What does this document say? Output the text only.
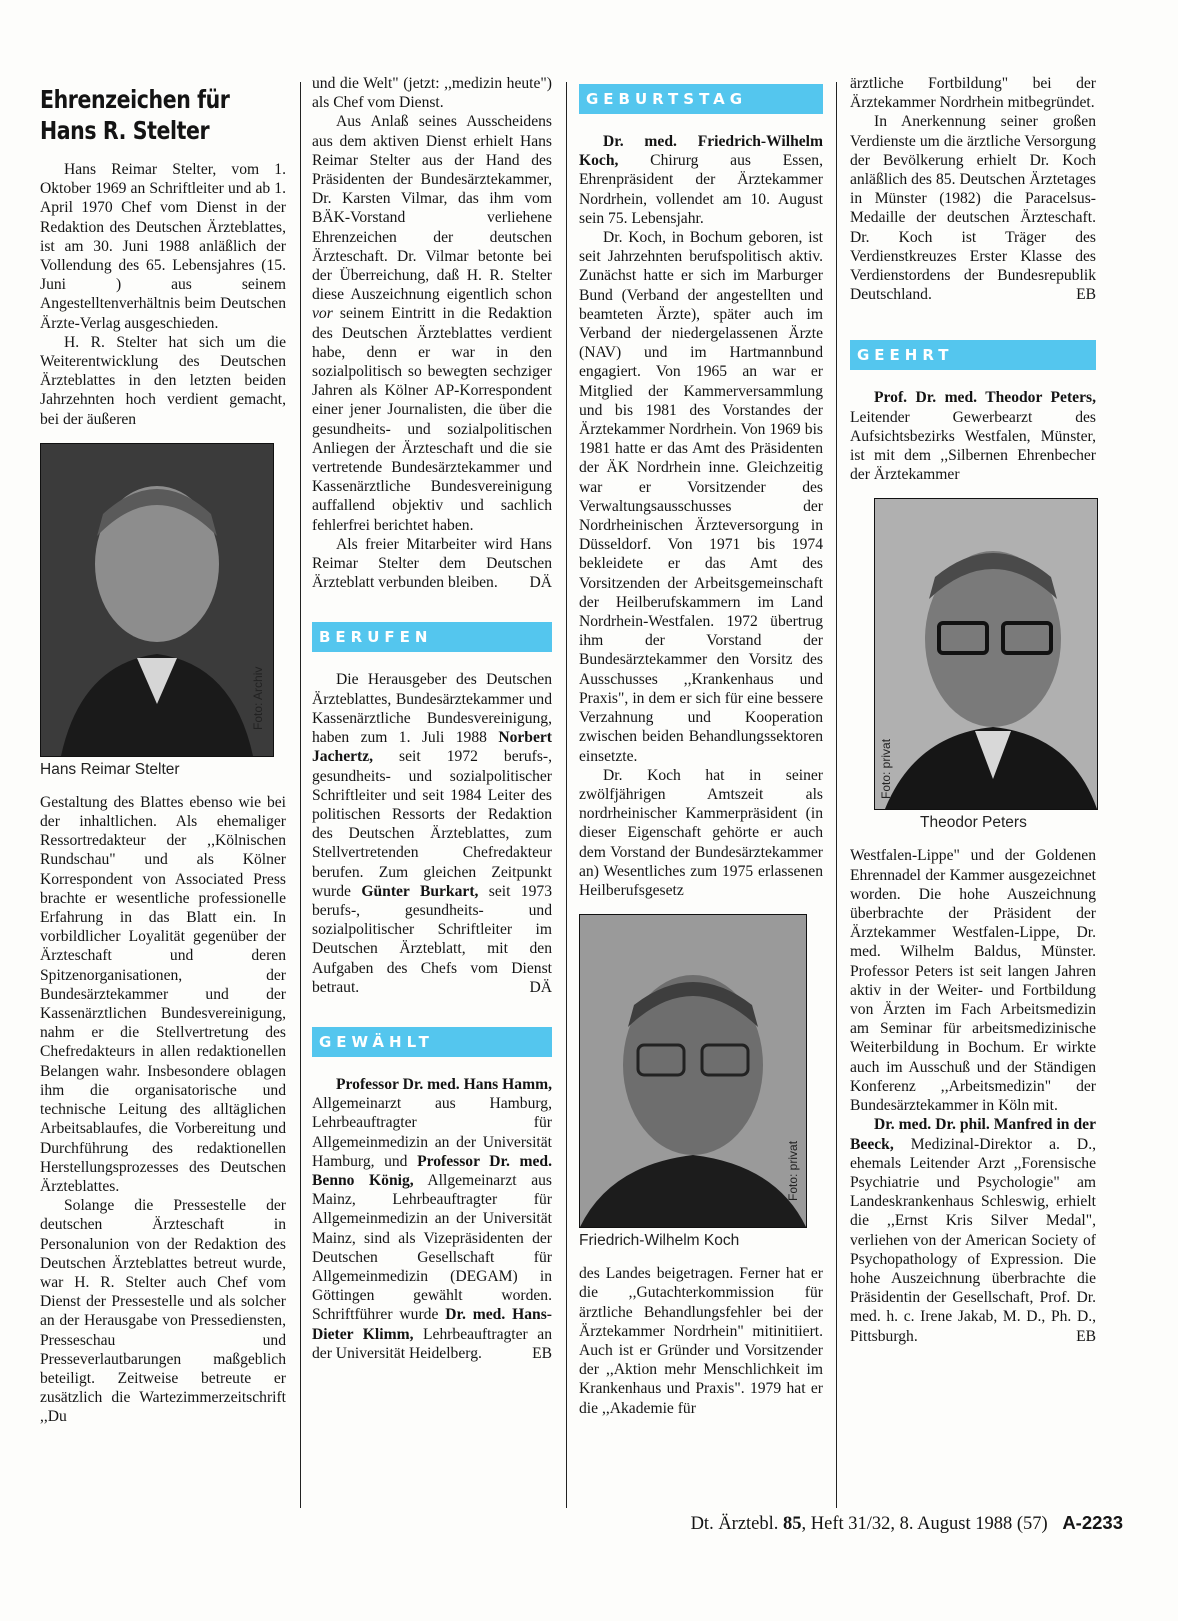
Ehrenzeichen für Hans R. Stelter

Hans Reimar Stelter, vom 1. Oktober 1969 an Schriftleiter und ab 1. April 1970 Chef vom Dienst in der Redaktion des Deutschen Ärzteblattes, ist am 30. Juni 1988 anläßlich der Vollendung des 65. Lebensjahres (15. Juni ) aus seinem Angestelltenverhältnis beim Deutschen Ärzte-Verlag ausgeschieden.

H. R. Stelter hat sich um die Weiterentwicklung des Deutschen Ärzteblattes in den letzten beiden Jahrzehnten hoch verdient gemacht, bei der äußeren

Foto: Archiv
Hans Reimar Stelter

Gestaltung des Blattes ebenso wie bei der inhaltlichen. Als ehemaliger Ressortredakteur der ,,Kölnischen Rundschau" und als Kölner Korrespondent von Associated Press brachte er wesentliche professionelle Erfahrung in das Blatt ein. In vorbildlicher Loyalität gegenüber der Ärzteschaft und deren Spitzenorganisationen, der Bundesärztekammer und der Kassenärztlichen Bundesvereinigung, nahm er die Stellvertretung des Chefredakteurs in allen redaktionellen Belangen wahr. Insbesondere oblagen ihm die organisatorische und technische Leitung des alltäglichen Arbeitsablaufes, die Vorbereitung und Durchführung des redaktionellen Herstellungsprozesses des Deutschen Ärzteblattes.

Solange die Pressestelle der deutschen Ärzteschaft in Personalunion von der Redaktion des Deutschen Ärzteblattes betreut wurde, war H. R. Stelter auch Chef vom Dienst der Pressestelle und als solcher an der Herausgabe von Pressediensten, Presseschau und Presseverlautbarungen maßgeblich beteiligt. Zeitweise betreute er zusätzlich die Wartezimmerzeitschrift ,,Du

und die Welt" (jetzt: ,,medizin heute") als Chef vom Dienst.

Aus Anlaß seines Ausscheidens aus dem aktiven Dienst erhielt Hans Reimar Stelter aus der Hand des Präsidenten der Bundesärztekammer, Dr. Karsten Vilmar, das ihm vom BÄK-Vorstand verliehene Ehrenzeichen der deutschen Ärzteschaft. Dr. Vilmar betonte bei der Überreichung, daß H. R. Stelter diese Auszeichnung eigentlich schon vor seinem Eintritt in die Redaktion des Deutschen Ärzteblattes verdient habe, denn er war in den sozialpolitisch so bewegten sechziger Jahren als Kölner AP-Korrespondent einer jener Journalisten, die über die gesundheits- und sozialpolitischen Anliegen der Ärzteschaft und die sie vertretende Bundesärztekammer und Kassenärztliche Bundesvereinigung auffallend objektiv und sachlich fehlerfrei berichtet haben.

Als freier Mitarbeiter wird Hans Reimar Stelter dem Deutschen Ärzteblatt verbunden bleiben.	DÄ

BERUFEN

Die Herausgeber des Deutschen Ärzteblattes, Bundesärztekammer und Kassenärztliche Bundesvereinigung, haben zum 1. Juli 1988 Norbert Jachertz, seit 1972 berufs-, gesundheits- und sozialpolitischer Schriftleiter und seit 1984 Leiter des politischen Ressorts der Redaktion des Deutschen Ärzteblattes, zum Stellvertretenden Chefredakteur berufen. Zum gleichen Zeitpunkt wurde Günter Burkart, seit 1973 berufs-, gesundheits- und sozialpolitischer Schriftleiter im Deutschen Ärzteblatt, mit den Aufgaben des Chefs vom Dienst betraut.	DÄ

GEWÄHLT

Professor Dr. med. Hans Hamm, Allgemeinarzt aus Hamburg, Lehrbeauftragter für Allgemeinmedizin an der Universität Hamburg, und Professor Dr. med. Benno König, Allgemeinarzt aus Mainz, Lehrbeauftragter für Allgemeinmedizin an der Universität Mainz, sind als Vizepräsidenten der Deutschen Gesellschaft für Allgemeinmedizin (DEGAM) in Göttingen gewählt worden. Schriftführer wurde Dr. med. Hans-Dieter Klimm, Lehrbeauftragter an der Universität Heidelberg.	EB

GEBURTSTAG

Dr. med. Friedrich-Wilhelm Koch, Chirurg aus Essen, Ehrenpräsident der Ärztekammer Nordrhein, vollendet am 10. August sein 75. Lebensjahr.

Dr. Koch, in Bochum geboren, ist seit Jahrzehnten berufspolitisch aktiv. Zunächst hatte er sich im Marburger Bund (Verband der angestellten und beamteten Ärzte), später auch im Verband der niedergelassenen Ärzte (NAV) und im Hartmannbund engagiert. Von 1965 an war er Mitglied der Kammerversammlung und bis 1981 des Vorstandes der Ärztekammer Nordrhein. Von 1969 bis 1981 hatte er das Amt des Präsidenten der ÄK Nordrhein inne. Gleichzeitig war er Vorsitzender des Verwaltungsausschusses der Nordrheinischen Ärzteversorgung in Düsseldorf. Von 1971 bis 1974 bekleidete er das Amt des Vorsitzenden der Arbeitsgemeinschaft der Heilberufskammern im Land Nordrhein-Westfalen. 1972 übertrug ihm der Vorstand der Bundesärztekammer den Vorsitz des Ausschusses ,,Krankenhaus und Praxis", in dem er sich für eine bessere Verzahnung und Kooperation zwischen beiden Behandlungssektoren einsetzte.

Dr. Koch hat in seiner zwölfjährigen Amtszeit als nordrheinischer Kammerpräsident (in dieser Eigenschaft gehörte er auch dem Vorstand der Bundesärztekammer an) Wesentliches zum 1975 erlassenen Heilberufsgesetz

Foto: privat
Friedrich-Wilhelm Koch

des Landes beigetragen. Ferner hat er die ,,Gutachterkommission für ärztliche Behandlungsfehler bei der Ärztekammer Nordrhein" mitinitiiert. Auch ist er Gründer und Vorsitzender der ,,Aktion mehr Menschlichkeit im Krankenhaus und Praxis". 1979 hat er die ,,Akademie für

ärztliche Fortbildung" bei der Ärztekammer Nordrhein mitbegründet.

In Anerkennung seiner großen Verdienste um die ärztliche Versorgung der Bevölkerung erhielt Dr. Koch anläßlich des 85. Deutschen Ärztetages in Münster (1982) die Paracelsus-Medaille der deutschen Ärzteschaft. Dr. Koch ist Träger des Verdienstkreuzes Erster Klasse des Verdienstordens der Bundesrepublik Deutschland.	EB

GEEHRT

Prof. Dr. med. Theodor Peters, Leitender Gewerbearzt des Aufsichtsbezirks Westfalen, Münster, ist mit dem ,,Silbernen Ehrenbecher der Ärztekammer

Foto: privat
Theodor Peters

Westfalen-Lippe" und der Goldenen Ehrennadel der Kammer ausgezeichnet worden. Die hohe Auszeichnung überbrachte der Präsident der Ärztekammer Westfalen-Lippe, Dr. med. Wilhelm Baldus, Münster. Professor Peters ist seit langen Jahren aktiv in der Weiter- und Fortbildung von Ärzten im Fach Arbeitsmedizin am Seminar für arbeitsmedizinische Weiterbildung in Bochum. Er wirkte auch im Ausschuß und der Ständigen Konferenz ,,Arbeitsmedizin" der Bundesärztekammer in Köln mit.

Dr. med. Dr. phil. Manfred in der Beeck, Medizinal-Direktor a. D., ehemals Leitender Arzt ,,Forensische Psychiatrie und Psychologie" am Landeskrankenhaus Schleswig, erhielt die ,,Ernst Kris Silver Medal", verliehen von der American Society of Psychopathology of Expression. Die hohe Auszeichnung überbrachte die Präsidentin der Gesellschaft, Prof. Dr. med. h. c. Irene Jakab, M. D., Ph. D., Pittsburgh.	EB

Dt. Ärztebl. 85, Heft 31/32, 8. August 1988 (57) A-2233
